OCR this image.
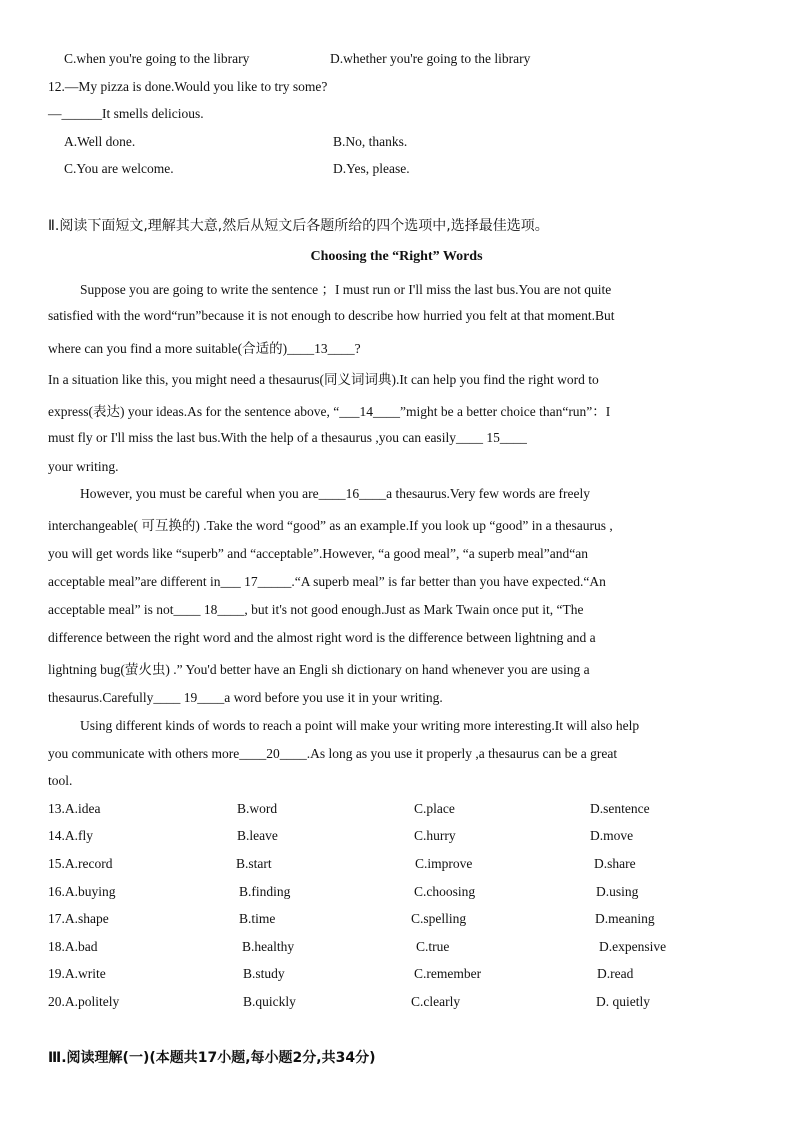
C.when you're going to the library	D.whether you're going to the library
12.—My pizza is done.Would you like to try some?
—______It smells delicious.
A.Well done.	B.No, thanks.
C.You are welcome.	D.Yes, please.
Ⅱ.阅读下面短文,理解其大意,然后从短文后各题所给的四个选项中,选择最佳选项。
Choosing the “Right” Words
Suppose you are going to write the sentence ；I must run or I'll miss the last bus.You are not quite
satisfied with the word“run”because it is not enough to describe how hurried you felt at that moment.But
where can you find a more suitable(合适的)____13____?
In a situation like this, you might need a thesaurus(同义词词典).It can help you find the right word to
express(表达) your ideas.As for the sentence above, “___14____”might be a better choice than“run”：I
must fly or I'll miss the last bus.With the help of a thesaurus ,you can easily____ 15____
your writing.
However, you must be careful when you are____16____a thesaurus.Very few words are freely
interchangeable( 可互换的) .Take the word “good” as an example.If you look up “good” in a thesaurus ,
you will get words like “superb” and “acceptable”.However, “a good meal”, “a superb meal”and“an
acceptable meal”are different in___ 17_____.“A superb meal” is far better than you have expected.“An
acceptable meal” is not____ 18____, but it's not good enough.Just as Mark Twain once put it, “The
difference between the right word and the almost right word is the difference between lightning and a
lightning bug(萤火虫) .” You'd better have an Engli sh dictionary on hand whenever you are using a
thesaurus.Carefully____ 19____a word before you use it in your writing.
Using different kinds of words to reach a point will make your writing more interesting.It will also help
you communicate with others more____20____.As long as you use it properly ,a thesaurus can be a great
tool.
13.A.idea	B.word	C.place	D.sentence
14.A.fly	B.leave	C.hurry	D.move
15.A.record	B.start	C.improve	D.share
16.A.buying	B.finding	C.choosing	D.using
17.A.shape	B.time	C.spelling	D.meaning
18.A.bad	B.healthy	C.true	D.expensive
19.A.write	B.study	C.remember	D.read
20.A.politely	B.quickly	C.clearly	D. quietly
Ⅲ.阅读理解(一)(本题共17小题,每小题2分,共34分)
